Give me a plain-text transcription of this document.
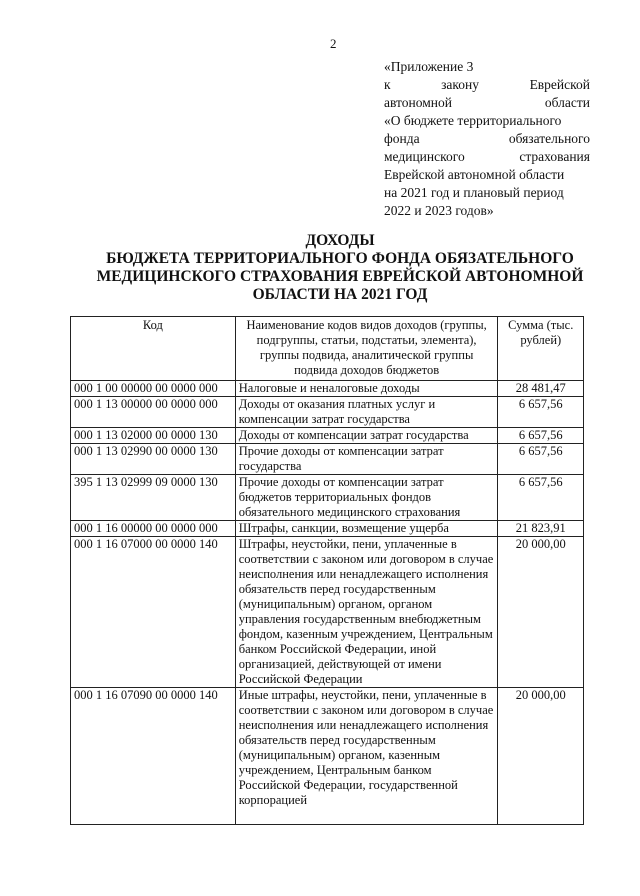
2
«Приложение 3
к	закону	Еврейской
автономной	области
«О бюджете территориального
фонда	обязательного
медицинского	страхования
Еврейской автономной области
на 2021 год и плановый период
2022 и 2023 годов»
ДОХОДЫ
БЮДЖЕТА ТЕРРИТОРИАЛЬНОГО ФОНДА ОБЯЗАТЕЛЬНОГО
МЕДИЦИНСКОГО СТРАХОВАНИЯ ЕВРЕЙСКОЙ АВТОНОМНОЙ
ОБЛАСТИ НА 2021 ГОД
Код	Наименование кодов видов доходов (группы, подгруппы, статьи, подстатьи, элемента), группы подвида, аналитической группы подвида доходов бюджетов	Сумма (тыс. рублей)
000 1 00 00000 00 0000 000	Налоговые и неналоговые доходы	28 481,47
000 1 13 00000 00 0000 000	Доходы от оказания платных услуг и компенсации затрат государства	6 657,56
000 1 13 02000 00 0000 130	Доходы от компенсации затрат государства	6 657,56
000 1 13 02990 00 0000 130	Прочие доходы от компенсации затрат государства	6 657,56
395 1 13 02999 09 0000 130	Прочие доходы от компенсации затрат бюджетов территориальных фондов обязательного медицинского страхования	6 657,56
000 1 16 00000 00 0000 000	Штрафы, санкции, возмещение ущерба	21 823,91
000 1 16 07000 00 0000 140	Штрафы, неустойки, пени, уплаченные в соответствии с законом или договором в случае неисполнения или ненадлежащего исполнения обязательств перед государственным (муниципальным) органом, органом управления государственным внебюджетным фондом, казенным учреждением, Центральным банком Российской Федерации, иной организацией, действующей от имени Российской Федерации	20 000,00
000 1 16 07090 00 0000 140	Иные штрафы, неустойки, пени, уплаченные в соответствии с законом или договором в случае неисполнения или ненадлежащего исполнения обязательств перед государственным (муниципальным) органом, казенным учреждением, Центральным банком Российской Федерации, государственной корпорацией	20 000,00
